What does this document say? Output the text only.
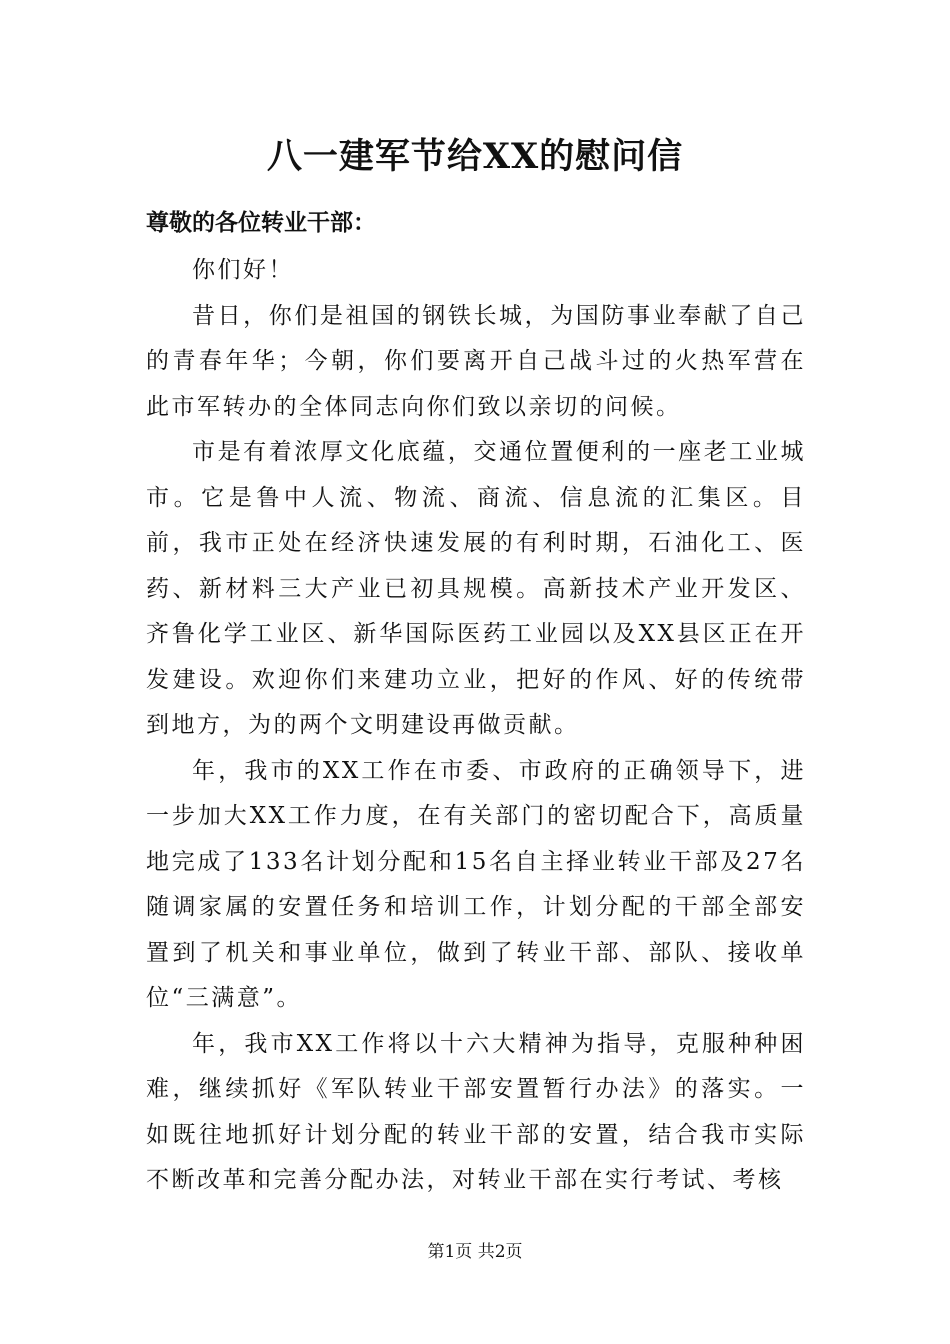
八一建军节给XX的慰问信
尊敬的各位转业干部：

你们好！

昔日，你们是祖国的钢铁长城，为国防事业奉献了自己的青春年华；今朝，你们要离开自己战斗过的火热军营在此市军转办的全体同志向你们致以亲切的问候。

市是有着浓厚文化底蕴，交通位置便利的一座老工业城市。它是鲁中人流、物流、商流、信息流的汇集区。目前，我市正处在经济快速发展的有利时期，石油化工、医药、新材料三大产业已初具规模。高新技术产业开发区、齐鲁化学工业区、新华国际医药工业园以及XX县区正在开发建设。欢迎你们来建功立业，把好的作风、好的传统带到地方，为的两个文明建设再做贡献。

年，我市的XX工作在市委、市政府的正确领导下，进一步加大XX工作力度，在有关部门的密切配合下，高质量地完成了133名计划分配和15名自主择业转业干部及27名随调家属的安置任务和培训工作，计划分配的干部全部安置到了机关和事业单位，做到了转业干部、部队、接收单位“三满意”。

年，我市XX工作将以十六大精神为指导，克服种种困难，继续抓好《军队转业干部安置暂行办法》的落实。一如既往地抓好计划分配的转业干部的安置，结合我市实际不断改革和完善分配办法，对转业干部在实行考试、考核

第1页 共2页
